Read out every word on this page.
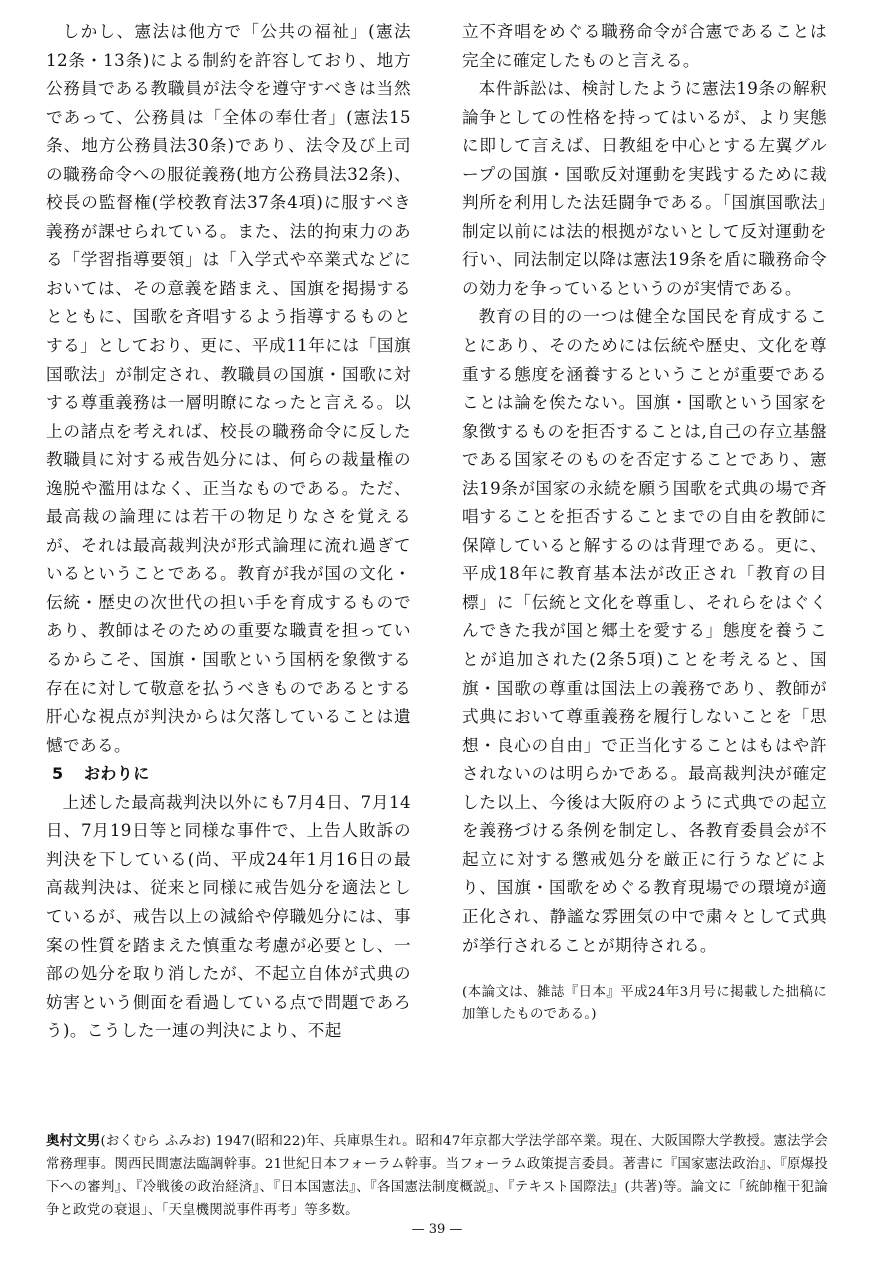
しかし、憲法は他方で「公共の福祉」(憲法12条・13条)による制約を許容しており、地方公務員である教職員が法令を遵守すべきは当然であって、公務員は「全体の奉仕者」(憲法15条、地方公務員法30条)であり、法令及び上司の職務命令への服従義務(地方公務員法32条)、校長の監督権(学校教育法37条4項)に服すべき義務が課せられている。また、法的拘束力のある「学習指導要領」は「入学式や卒業式などにおいては、その意義を踏まえ、国旗を掲揚するとともに、国歌を斉唱するよう指導するものとする」としており、更に、平成11年には「国旗国歌法」が制定され、教職員の国旗・国歌に対する尊重義務は一層明瞭になったと言える。以上の諸点を考えれば、校長の職務命令に反した教職員に対する戒告処分には、何らの裁量権の逸脱や濫用はなく、正当なものである。ただ、最高裁の論理には若干の物足りなさを覚えるが、それは最高裁判決が形式論理に流れ過ぎているということである。教育が我が国の文化・伝統・歴史の次世代の担い手を育成するものであり、教師はそのための重要な職責を担っているからこそ、国旗・国歌という国柄を象徴する存在に対して敬意を払うべきものであるとする肝心な視点が判決からは欠落していることは遺憾である。

5 おわりに

上述した最高裁判決以外にも7月4日、7月14日、7月19日等と同様な事件で、上告人敗訴の判決を下している(尚、平成24年1月16日の最高裁判決は、従来と同様に戒告処分を適法としているが、戒告以上の減給や停職処分には、事案の性質を踏まえた慎重な考慮が必要とし、一部の処分を取り消したが、不起立自体が式典の妨害という側面を看過している点で問題であろう)。こうした一連の判決により、不起

立不斉唱をめぐる職務命令が合憲であることは完全に確定したものと言える。

本件訴訟は、検討したように憲法19条の解釈論争としての性格を持ってはいるが、より実態に即して言えば、日教組を中心とする左翼グループの国旗・国歌反対運動を実践するために裁判所を利用した法廷闘争である。「国旗国歌法」制定以前には法的根拠がないとして反対運動を行い、同法制定以降は憲法19条を盾に職務命令の効力を争っているというのが実情である。

教育の目的の一つは健全な国民を育成することにあり、そのためには伝統や歴史、文化を尊重する態度を涵養するということが重要であることは論を俟たない。国旗・国歌という国家を象徴するものを拒否することは,自己の存立基盤である国家そのものを否定することであり、憲法19条が国家の永続を願う国歌を式典の場で斉唱することを拒否することまでの自由を教師に保障していると解するのは背理である。更に、平成18年に教育基本法が改正され「教育の目標」に「伝統と文化を尊重し、それらをはぐくんできた我が国と郷土を愛する」態度を養うことが追加された(2条5項)ことを考えると、国旗・国歌の尊重は国法上の義務であり、教師が式典において尊重義務を履行しないことを「思想・良心の自由」で正当化することはもはや許されないのは明らかである。最高裁判決が確定した以上、今後は大阪府のように式典での起立を義務づける条例を制定し、各教育委員会が不起立に対する懲戒処分を厳正に行うなどにより、国旗・国歌をめぐる教育現場での環境が適正化され、静謐な雰囲気の中で粛々として式典が挙行されることが期待される。

(本論文は、雑誌『日本』平成24年3月号に掲載した拙稿に加筆したものである。)

奥村文男(おくむら ふみお) 1947(昭和22)年、兵庫県生れ。昭和47年京都大学法学部卒業。現在、大阪国際大学教授。憲法学会常務理事。関西民間憲法臨調幹事。21世紀日本フォーラム幹事。当フォーラム政策提言委員。著書に『国家憲法政治』、『原爆投下への審判』、『冷戦後の政治経済』、『日本国憲法』、『各国憲法制度概説』、『テキスト国際法』(共著)等。論文に「統帥権干犯論争と政党の衰退」、「天皇機関説事件再考」等多数。
— 39 —
